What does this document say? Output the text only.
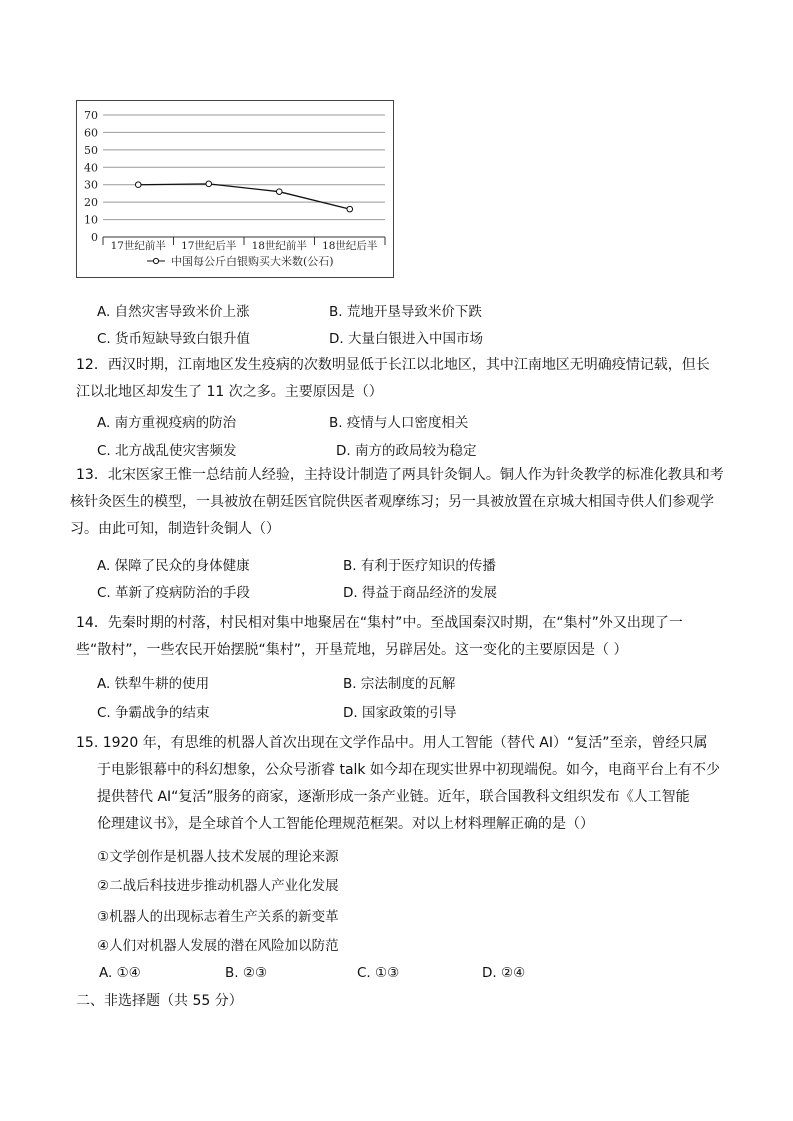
0
10
20
30
40
50
60
70
17世纪前半 17世纪后半 18世纪前半 18世纪后半
中国每公斤白银购买大米数(公石)
A. 自然灾害导致米价上涨	B. 荒地开垦导致米价下跌
C. 货币短缺导致白银升值	D. 大量白银进入中国市场
12．西汉时期，江南地区发生疫病的次数明显低于长江以北地区，其中江南地区无明确疫情记载，但长
江以北地区却发生了 11 次之多。主要原因是（）
A. 南方重视疫病的防治	B. 疫情与人口密度相关
C. 北方战乱使灾害频发	D. 南方的政局较为稳定
13．北宋医家王惟一总结前人经验，主持设计制造了两具针灸铜人。铜人作为针灸教学的标准化教具和考
核针灸医生的模型，一具被放在朝廷医官院供医者观摩练习；另一具被放置在京城大相国寺供人们参观学
习。由此可知，制造针灸铜人（）
A. 保障了民众的身体健康	B. 有利于医疗知识的传播
C. 革新了疫病防治的手段	D. 得益于商品经济的发展
14．先秦时期的村落，村民相对集中地聚居在“集村”中。至战国秦汉时期，在“集村”外又出现了一
些“散村”，一些农民开始摆脱“集村”，开垦荒地，另辟居处。这一变化的主要原因是（ ）
A. 铁犁牛耕的使用	B. 宗法制度的瓦解
C. 争霸战争的结束	D. 国家政策的引导
15. 1920 年，有思维的机器人首次出现在文学作品中。用人工智能（替代 AI）“复活”至亲，曾经只属
于电影银幕中的科幻想象，公众号浙睿 talk 如今却在现实世界中初现端倪。如今，电商平台上有不少
提供替代 AI“复活”服务的商家，逐渐形成一条产业链。近年，联合国教科文组织发布《人工智能
伦理建议书》，是全球首个人工智能伦理规范框架。对以上材料理解正确的是（）
①文学创作是机器人技术发展的理论来源
②二战后科技进步推动机器人产业化发展
③机器人的出现标志着生产关系的新变革
④人们对机器人发展的潜在风险加以防范
A. ①④	B. ②③	C. ①③	D. ②④
二、非选择题（共 55 分）
